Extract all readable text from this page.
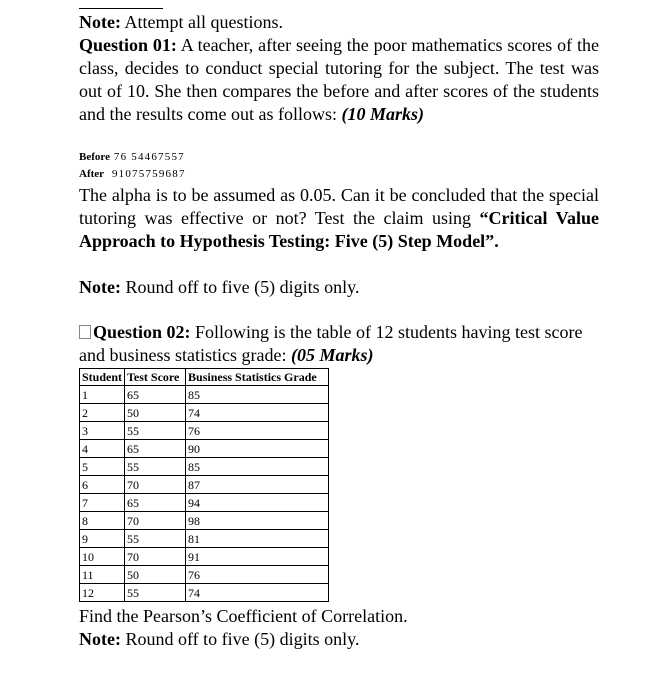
Note: Attempt all questions.

Question 01: A teacher, after seeing the poor mathematics scores of the class, decides to conduct special tutoring for the subject. The test was out of 10. She then compares the before and after scores of the students and the results come out as follows: (10 Marks)

Before 76 54467557
After 91075759687

The alpha is to be assumed as 0.05. Can it be concluded that the special tutoring was effective or not? Test the claim using “Critical Value Approach to Hypothesis Testing: Five (5) Step Model”.

Note: Round off to five (5) digits only.

Question 02: Following is the table of 12 students having test score and business statistics grade: (05 Marks)

Student	Test Score	Business Statistics Grade
1	65	85
2	50	74
3	55	76
4	65	90
5	55	85
6	70	87
7	65	94
8	70	98
9	55	81
10	70	91
11	50	76
12	55	74

Find the Pearson’s Coefficient of Correlation.

Note: Round off to five (5) digits only.
